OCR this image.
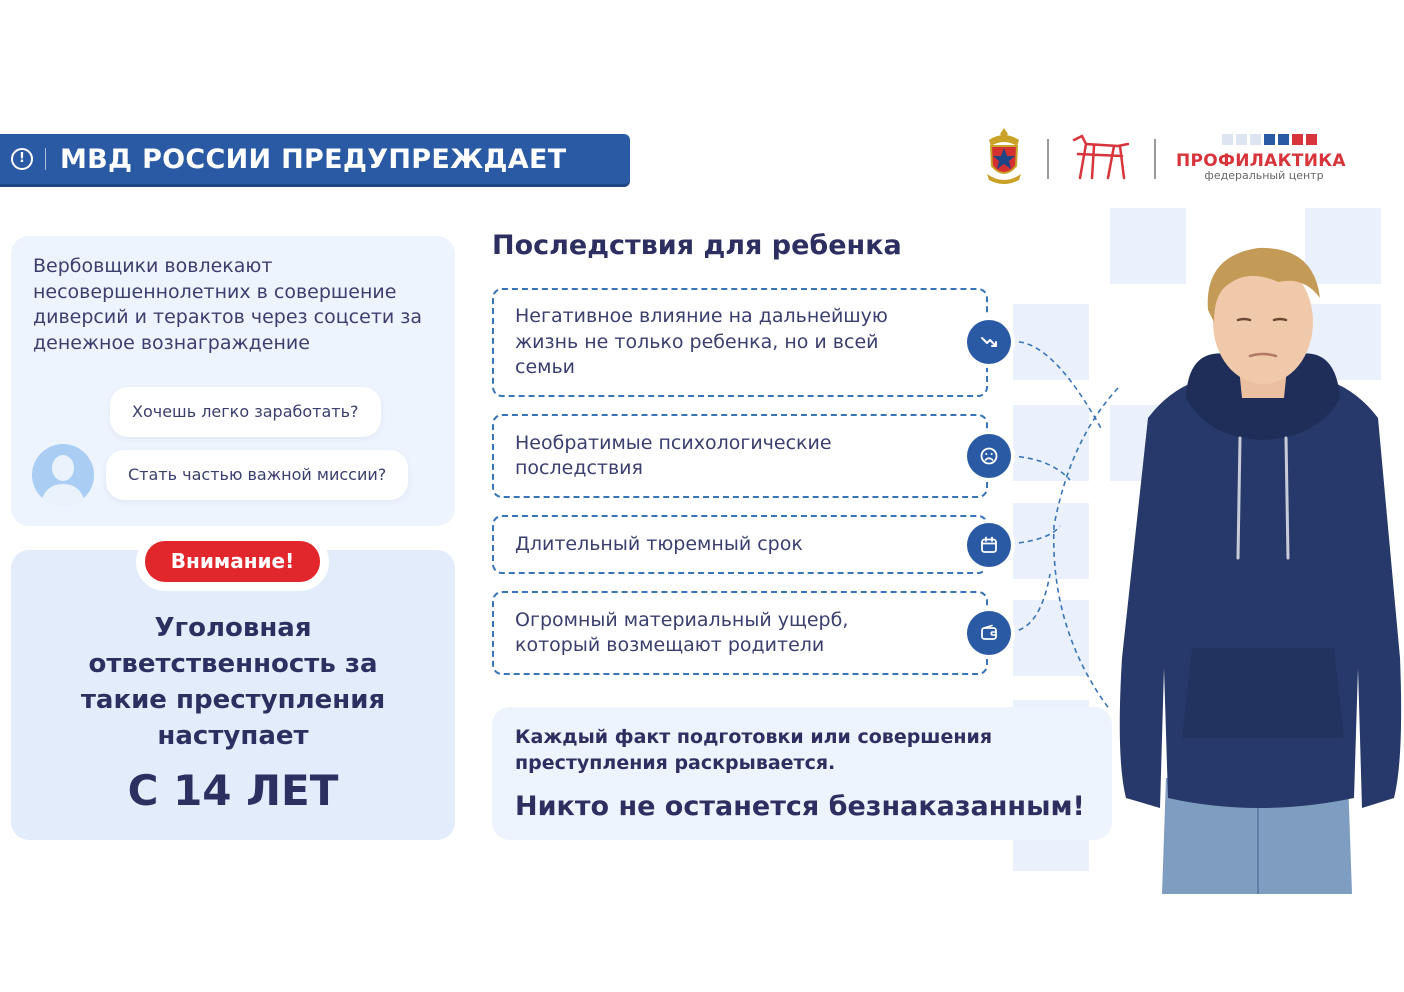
! МВД РОССИИ ПРЕДУПРЕЖДАЕТ	ПРОФИЛАКТИКА
федеральный центр
Вербовщики вовлекают несовершеннолетних в совершение диверсий и терактов через соцсети за денежное вознаграждение
Хочешь легко заработать?
Стать частью важной миссии?
Уголовная ответственность за такие преступления наступает
С 14 ЛЕТ
Внимание!
Последствия для ребенка
Негативное влияние на дальнейшую жизнь не только ребенка, но и всей семьи
Необратимые психологические последствия
Длительный тюремный срок
Огромный материальный ущерб, который возмещают родители
Каждый факт подготовки или совершения преступления раскрывается.
Никто не останется безнаказанным!
